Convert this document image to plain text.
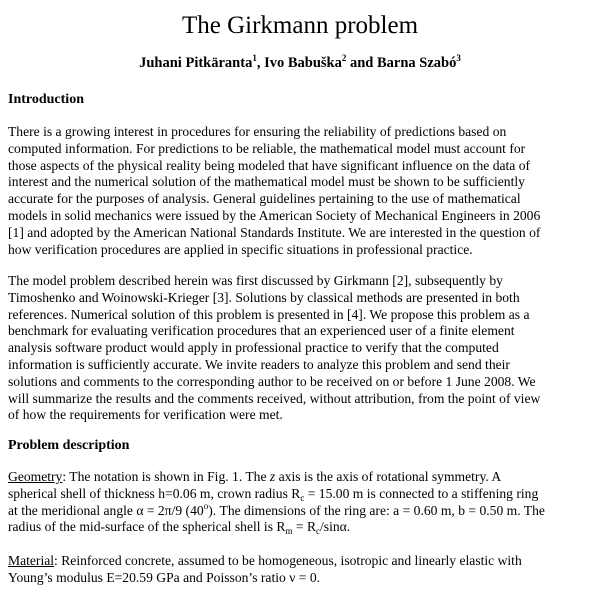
The Girkmann problem
Juhani Pitkäranta$^1$, Ivo Babuška$^2$ and Barna Szabó$^3$
Introduction
There is a growing interest in procedures for ensuring the reliability of predictions based on
computed information. For predictions to be reliable, the mathematical model must account for
those aspects of the physical reality being modeled that have significant influence on the data of
interest and the numerical solution of the mathematical model must be shown to be sufficiently
accurate for the purposes of analysis. General guidelines pertaining to the use of mathematical
models in solid mechanics were issued by the American Society of Mechanical Engineers in 2006
[1] and adopted by the American National Standards Institute. We are interested in the question of
how verification procedures are applied in specific situations in professional practice.
The model problem described herein was first discussed by Girkmann [2], subsequently by
Timoshenko and Woinowski-Krieger [3]. Solutions by classical methods are presented in both
references. Numerical solution of this problem is presented in [4]. We propose this problem as a
benchmark for evaluating verification procedures that an experienced user of a finite element
analysis software product would apply in professional practice to verify that the computed
information is sufficiently accurate. We invite readers to analyze this problem and send their
solutions and comments to the corresponding author to be received on or before 1 June 2008. We
will summarize the results and the comments received, without attribution, from the point of view
of how the requirements for verification were met.
Problem description
Geometry: The notation is shown in Fig. 1. The z axis is the axis of rotational symmetry. A
spherical shell of thickness h=0.06 m, crown radius $R_c = 15.00$ m is connected to a stiffening ring
at the meridional angle α = 2π/9 (40$^o$). The dimensions of the ring are: a = 0.60 m, b = 0.50 m. The
radius of the mid-surface of the spherical shell is $R_m = R_c/\sin\alpha$.
Material: Reinforced concrete, assumed to be homogeneous, isotropic and linearly elastic with
Young’s modulus E=20.59 GPa and Poisson’s ratio ν = 0.
